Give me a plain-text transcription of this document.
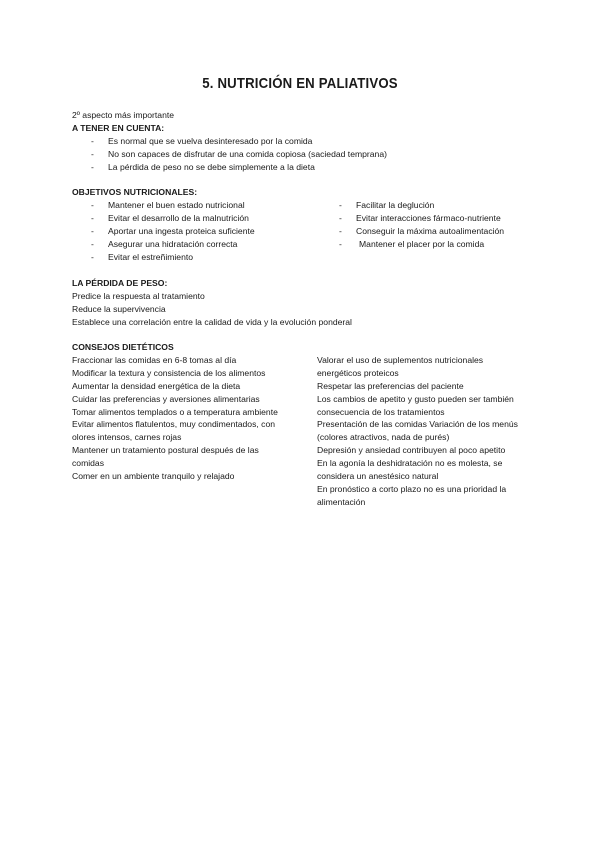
5. NUTRICIÓN EN PALIATIVOS
2º aspecto más importante
A TENER EN CUENTA:
- Es normal que se vuelva desinteresado por la comida
- No son capaces de disfrutar de una comida copiosa (saciedad temprana)
- La pérdida de peso no se debe simplemente a la dieta
OBJETIVOS NUTRICIONALES:
- Mantener el buen estado nutricional
- Evitar el desarrollo de la malnutrición
- Aportar una ingesta proteica suficiente
- Asegurar una hidratación correcta
- Evitar el estreñimiento
- Facilitar la deglución
- Evitar interacciones fármaco-nutriente
- Conseguir la máxima autoalimentación
- Mantener el placer por la comida
LA PÉRDIDA DE PESO:
Predice la respuesta al tratamiento
Reduce la supervivencia
Establece una correlación entre la calidad de vida y la evolución ponderal
CONSEJOS DIETÉTICOS

Fraccionar las comidas en 6-8 tomas al día

Modificar la textura y consistencia de los alimentos

Aumentar la densidad energética de la dieta

Cuidar las preferencias y aversiones alimentarias

Tomar alimentos templados o a temperatura ambiente

Evitar alimentos flatulentos, muy condimentados, con olores intensos, carnes rojas

Mantener un tratamiento postural después de las comidas

Comer en un ambiente tranquilo y relajado

Valorar el uso de suplementos nutricionales energéticos proteicos

Respetar las preferencias del paciente

Los cambios de apetito y gusto pueden ser también consecuencia de los tratamientos

Presentación de las comidas Variación de los menús (colores atractivos, nada de purés)

Depresión y ansiedad contribuyen al poco apetito

En la agonía la deshidratación no es molesta, se considera un anestésico natural

En pronóstico a corto plazo no es una prioridad la alimentación
